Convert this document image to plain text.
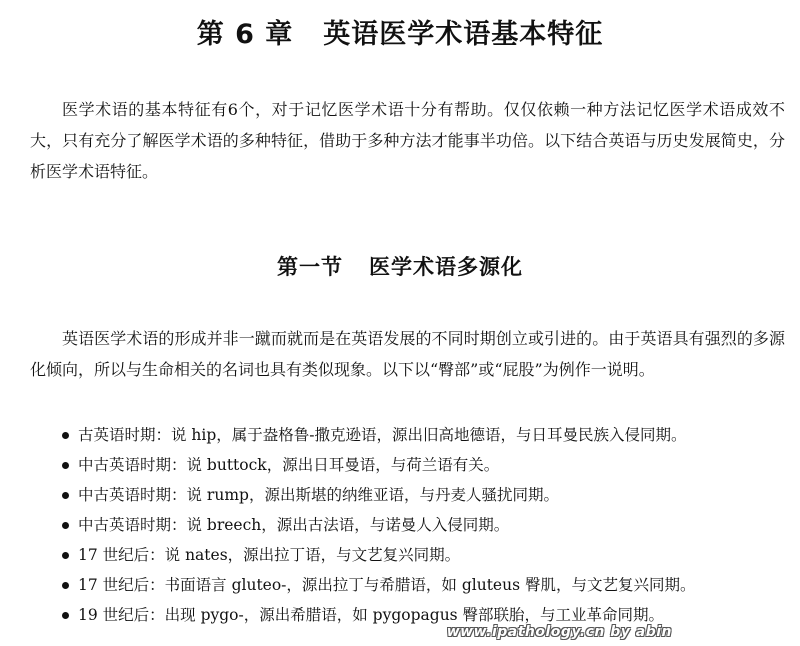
第 6 章 英语医学术语基本特征

医学术语的基本特征有6个，对于记忆医学术语十分有帮助。仅仅依赖一种方法记忆医学术语成效不大，只有充分了解医学术语的多种特征，借助于多种方法才能事半功倍。以下结合英语与历史发展简史，分析医学术语特征。

第一节 医学术语多源化

英语医学术语的形成并非一蹴而就而是在英语发展的不同时期创立或引进的。由于英语具有强烈的多源化倾向，所以与生命相关的名词也具有类似现象。以下以“臀部”或“屁股”为例作一说明。

古英语时期：说 hip，属于盎格鲁-撒克逊语，源出旧高地德语，与日耳曼民族入侵同期。
中古英语时期：说 buttock，源出日耳曼语，与荷兰语有关。
中古英语时期：说 rump，源出斯堪的纳维亚语，与丹麦人骚扰同期。
中古英语时期：说 breech，源出古法语，与诺曼人入侵同期。
17 世纪后：说 nates，源出拉丁语，与文艺复兴同期。
17 世纪后：书面语言 gluteo-，源出拉丁与希腊语，如 gluteus 臀肌，与文艺复兴同期。
19 世纪后：出现 pygo-，源出希腊语，如 pygopagus 臀部联胎，与工业革命同期。
www.ipathology.cn by abin
